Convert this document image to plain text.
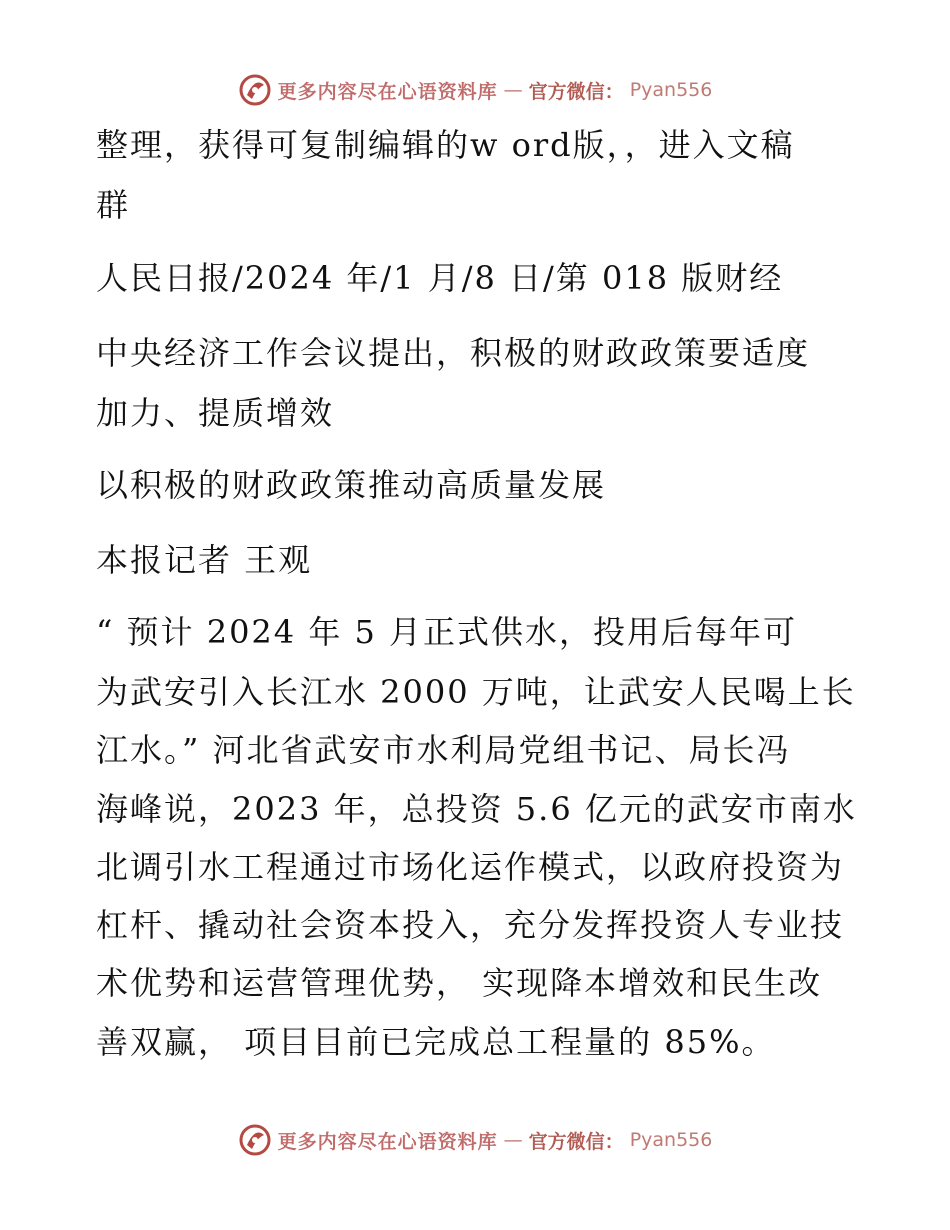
更多内容尽在心语资料库 — 官方微信： Pyan556
整理，获得可复制编辑的w ord版，，进入文稿
群
人民日报/2024 年/1 月/8 日/第 018 版财经
中央经济工作会议提出，积极的财政政策要适度
加力、提质增效
以积极的财政政策推动高质量发展
本报记者 王观
“ 预计 2024 年 5 月正式供水，投用后每年可
为武安引入长江水 2000 万吨，让武安人民喝上长
江水。” 河北省武安市水利局党组书记、局长冯
海峰说，2023 年，总投资 5.6 亿元的武安市南水
北调引水工程通过市场化运作模式，以政府投资为
杠杆、撬动社会资本投入，充分发挥投资人专业技
术优势和运营管理优势， 实现降本增效和民生改
善双赢， 项目目前已完成总工程量的 85%。
更多内容尽在心语资料库 — 官方微信： Pyan556
